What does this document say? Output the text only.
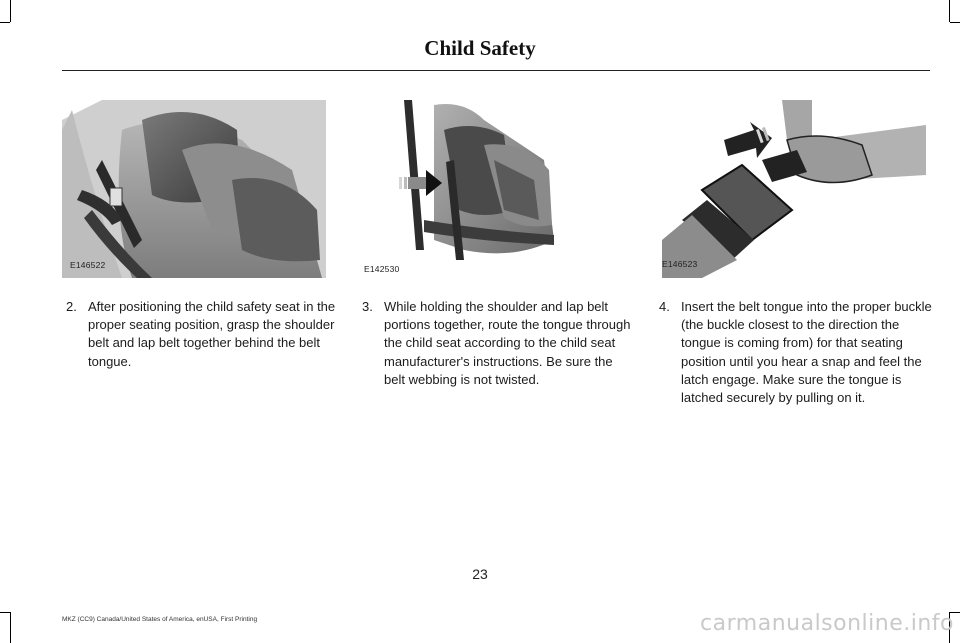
Child Safety
E146522	E142530	E146523
2. After positioning the child safety seat in the proper seating position, grasp the shoulder belt and lap belt together behind the belt tongue.
3. While holding the shoulder and lap belt portions together, route the tongue through the child seat according to the child seat manufacturer's instructions. Be sure the belt webbing is not twisted.
4. Insert the belt tongue into the proper buckle (the buckle closest to the direction the tongue is coming from) for that seating position until you hear a snap and feel the latch engage. Make sure the tongue is latched securely by pulling on it.
23
MKZ (CC9) Canada/United States of America, enUSA, First Printing	carmanualsonline.info
